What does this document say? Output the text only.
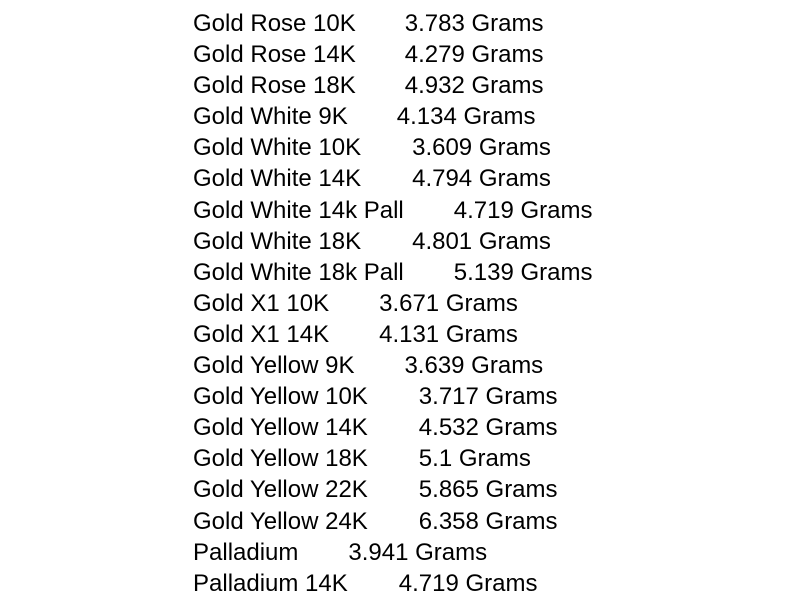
Gold Rose 10K 3.783 Grams
Gold Rose 14K 4.279 Grams
Gold Rose 18K 4.932 Grams
Gold White 9K 4.134 Grams
Gold White 10K 3.609 Grams
Gold White 14K 4.794 Grams
Gold White 14k Pall 4.719 Grams
Gold White 18K 4.801 Grams
Gold White 18k Pall 5.139 Grams
Gold X1 10K 3.671 Grams
Gold X1 14K 4.131 Grams
Gold Yellow 9K 3.639 Grams
Gold Yellow 10K 3.717 Grams
Gold Yellow 14K 4.532 Grams
Gold Yellow 18K 5.1 Grams
Gold Yellow 22K 5.865 Grams
Gold Yellow 24K 6.358 Grams
Palladium 3.941 Grams
Palladium 14K 4.719 Grams
